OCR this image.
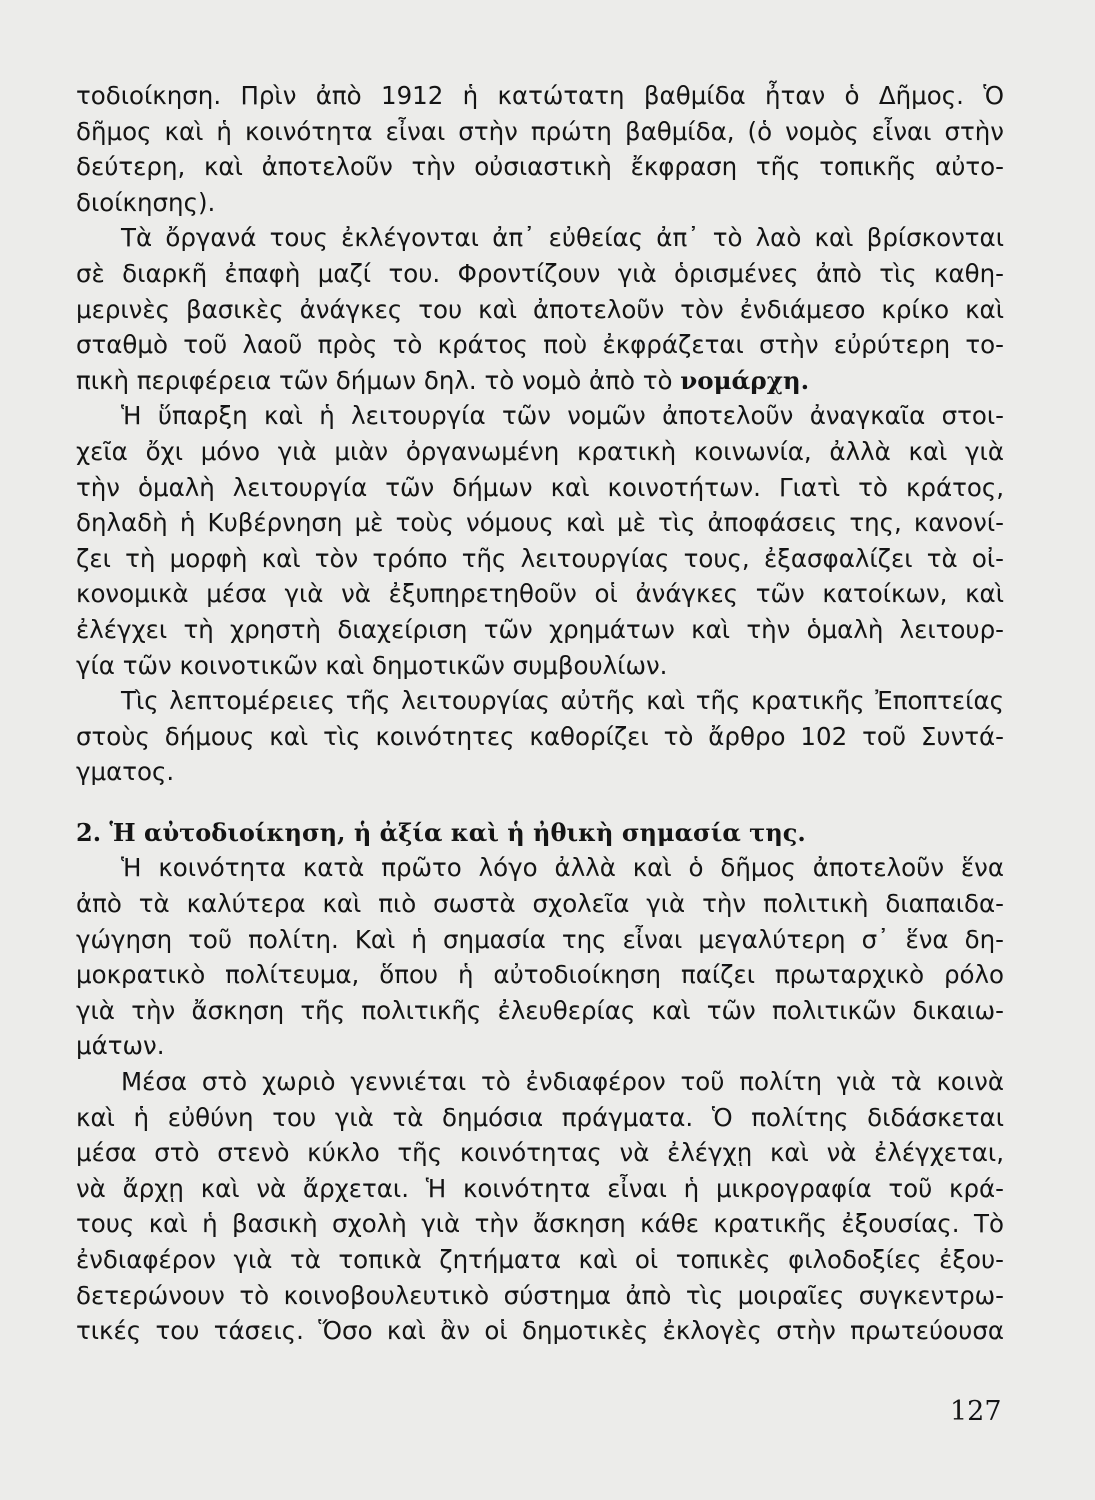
τοδιοίκηση. Πρὶν ἀπὸ 1912 ἡ κατώτατη βαθμίδα ἦταν ὁ Δῆμος. Ὁ
δῆμος καὶ ἡ κοινότητα εἶναι στὴν πρώτη βαθμίδα, (ὁ νομὸς εἶναι στὴν
δεύτερη, καὶ ἀποτελοῦν τὴν οὐσιαστικὴ ἔκφραση τῆς τοπικῆς αὐτο-
διοίκησης).
Τὰ ὄργανά τους ἐκλέγονται ἀπ᾿ εὐθείας ἀπ᾿ τὸ λαὸ καὶ βρίσκονται
σὲ διαρκῆ ἐπαφὴ μαζί του. Φροντίζουν γιὰ ὁρισμένες ἀπὸ τὶς καθη-
μερινὲς βασικὲς ἀνάγκες του καὶ ἀποτελοῦν τὸν ἐνδιάμεσο κρίκο καὶ
σταθμὸ τοῦ λαοῦ πρὸς τὸ κράτος ποὺ ἐκφράζεται στὴν εὐρύτερη το-
πικὴ περιφέρεια τῶν δήμων δηλ. τὸ νομὸ ἀπὸ τὸ νομάρχη.
Ἡ ὕπαρξη καὶ ἡ λειτουργία τῶν νομῶν ἀποτελοῦν ἀναγκαῖα στοι-
χεῖα ὄχι μόνο γιὰ μιὰν ὀργανωμένη κρατικὴ κοινωνία, ἀλλὰ καὶ γιὰ
τὴν ὁμαλὴ λειτουργία τῶν δήμων καὶ κοινοτήτων. Γιατὶ τὸ κράτος,
δηλαδὴ ἡ Κυβέρνηση μὲ τοὺς νόμους καὶ μὲ τὶς ἀποφάσεις της, κανονί-
ζει τὴ μορφὴ καὶ τὸν τρόπο τῆς λειτουργίας τους, ἐξασφαλίζει τὰ οἰ-
κονομικὰ μέσα γιὰ νὰ ἐξυπηρετηθοῦν οἱ ἀνάγκες τῶν κατοίκων, καὶ
ἐλέγχει τὴ χρηστὴ διαχείριση τῶν χρημάτων καὶ τὴν ὁμαλὴ λειτουρ-
γία τῶν κοινοτικῶν καὶ δημοτικῶν συμβουλίων.
Τὶς λεπτομέρειες τῆς λειτουργίας αὐτῆς καὶ τῆς κρατικῆς Ἐποπτείας
στοὺς δήμους καὶ τὶς κοινότητες καθορίζει τὸ ἄρθρο 102 τοῦ Συντά-
γματος.
2. Ἡ αὐτοδιοίκηση, ἡ ἀξία καὶ ἡ ἠθικὴ σημασία της.
Ἡ κοινότητα κατὰ πρῶτο λόγο ἀλλὰ καὶ ὁ δῆμος ἀποτελοῦν ἕνα
ἀπὸ τὰ καλύτερα καὶ πιὸ σωστὰ σχολεῖα γιὰ τὴν πολιτικὴ διαπαιδα-
γώγηση τοῦ πολίτη. Καὶ ἡ σημασία της εἶναι μεγαλύτερη σ᾿ ἕνα δη-
μοκρατικὸ πολίτευμα, ὅπου ἡ αὐτοδιοίκηση παίζει πρωταρχικὸ ρόλο
γιὰ τὴν ἄσκηση τῆς πολιτικῆς ἐλευθερίας καὶ τῶν πολιτικῶν δικαιω-
μάτων.
Μέσα στὸ χωριὸ γεννιέται τὸ ἐνδιαφέρον τοῦ πολίτη γιὰ τὰ κοινὰ
καὶ ἡ εὐθύνη του γιὰ τὰ δημόσια πράγματα. Ὁ πολίτης διδάσκεται
μέσα στὸ στενὸ κύκλο τῆς κοινότητας νὰ ἐλέγχῃ καὶ νὰ ἐλέγχεται,
νὰ ἄρχῃ καὶ νὰ ἄρχεται. Ἡ κοινότητα εἶναι ἡ μικρογραφία τοῦ κρά-
τους καὶ ἡ βασικὴ σχολὴ γιὰ τὴν ἄσκηση κάθε κρατικῆς ἐξουσίας. Τὸ
ἐνδιαφέρον γιὰ τὰ τοπικὰ ζητήματα καὶ οἱ τοπικὲς φιλοδοξίες ἐξου-
δετερώνουν τὸ κοινοβουλευτικὸ σύστημα ἀπὸ τὶς μοιραῖες συγκεντρω-
τικές του τάσεις. Ὅσο καὶ ἂν οἱ δημοτικὲς ἐκλογὲς στὴν πρωτεύουσα
127
